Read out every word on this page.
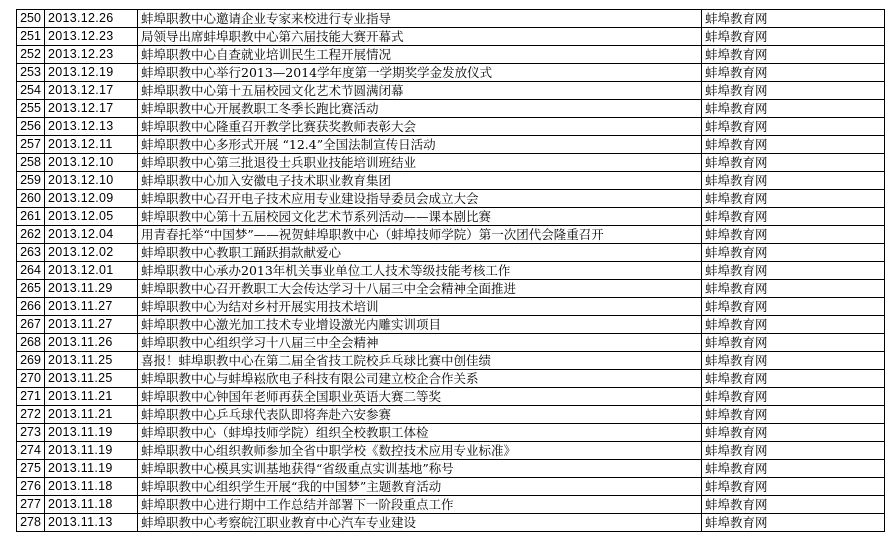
250	2013.12.26	蚌埠职教中心邀请企业专家来校进行专业指导	蚌埠教育网
251	2013.12.23	局领导出席蚌埠职教中心第六届技能大赛开幕式	蚌埠教育网
252	2013.12.23	蚌埠职教中心自查就业培训民生工程开展情况	蚌埠教育网
253	2013.12.19	蚌埠职教中心举行2013—2014学年度第一学期奖学金发放仪式	蚌埠教育网
254	2013.12.17	蚌埠职教中心第十五届校园文化艺术节圆满闭幕	蚌埠教育网
255	2013.12.17	蚌埠职教中心开展教职工冬季长跑比赛活动	蚌埠教育网
256	2013.12.13	蚌埠职教中心隆重召开教学比赛获奖教师表彰大会	蚌埠教育网
257	2013.12.11	蚌埠职教中心多形式开展 “12.4”全国法制宣传日活动	蚌埠教育网
258	2013.12.10	蚌埠职教中心第三批退役士兵职业技能培训班结业	蚌埠教育网
259	2013.12.10	蚌埠职教中心加入安徽电子技术职业教育集团	蚌埠教育网
260	2013.12.09	蚌埠职教中心召开电子技术应用专业建设指导委员会成立大会	蚌埠教育网
261	2013.12.05	蚌埠职教中心第十五届校园文化艺术节系列活动——课本剧比赛	蚌埠教育网
262	2013.12.04	用青春托举“中国梦”——祝贺蚌埠职教中心（蚌埠技师学院）第一次团代会隆重召开	蚌埠教育网
263	2013.12.02	蚌埠职教中心教职工踊跃捐款献爱心	蚌埠教育网
264	2013.12.01	蚌埠职教中心承办2013年机关事业单位工人技术等级技能考核工作	蚌埠教育网
265	2013.11.29	蚌埠职教中心召开教职工大会传达学习十八届三中全会精神全面推进	蚌埠教育网
266	2013.11.27	蚌埠职教中心为结对乡村开展实用技术培训	蚌埠教育网
267	2013.11.27	蚌埠职教中心激光加工技术专业增设激光内雕实训项目	蚌埠教育网
268	2013.11.26	蚌埠职教中心组织学习十八届三中全会精神	蚌埠教育网
269	2013.11.25	喜报！蚌埠职教中心在第二届全省技工院校乒乓球比赛中创佳绩	蚌埠教育网
270	2013.11.25	蚌埠职教中心与蚌埠崧欣电子科技有限公司建立校企合作关系	蚌埠教育网
271	2013.11.21	蚌埠职教中心钟国年老师再获全国职业英语大赛二等奖	蚌埠教育网
272	2013.11.21	蚌埠职教中心乒乓球代表队即将奔赴六安参赛	蚌埠教育网
273	2013.11.19	蚌埠职教中心（蚌埠技师学院）组织全校教职工体检	蚌埠教育网
274	2013.11.19	蚌埠职教中心组织教师参加全省中职学校《数控技术应用专业标准》	蚌埠教育网
275	2013.11.19	蚌埠职教中心模具实训基地获得“省级重点实训基地”称号	蚌埠教育网
276	2013.11.18	蚌埠职教中心组织学生开展“我的中国梦”主题教育活动	蚌埠教育网
277	2013.11.18	蚌埠职教中心进行期中工作总结并部署下一阶段重点工作	蚌埠教育网
278	2013.11.13	蚌埠职教中心考察皖江职业教育中心汽车专业建设	蚌埠教育网
